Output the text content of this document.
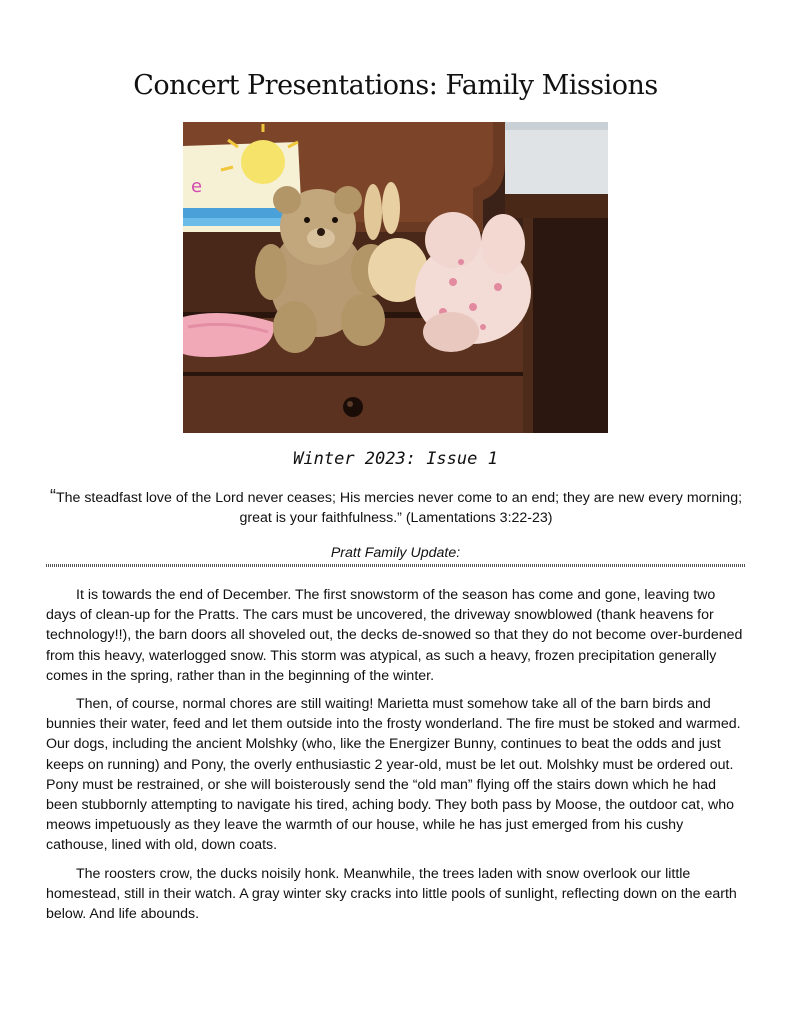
Concert Presentations: Family Missions
e
Winter 2023: Issue 1
“The steadfast love of the Lord never ceases; His mercies never come to an end; they are new every morning; great is your faithfulness.” (Lamentations 3:22-23)
Pratt Family Update:

It is towards the end of December. The first snowstorm of the season has come and gone, leaving two days of clean-up for the Pratts. The cars must be uncovered, the driveway snowblowed (thank heavens for technology!!), the barn doors all shoveled out, the decks de-snowed so that they do not become over-burdened from this heavy, waterlogged snow. This storm was atypical, as such a heavy, frozen precipitation generally comes in the spring, rather than in the beginning of the winter.

Then, of course, normal chores are still waiting! Marietta must somehow take all of the barn birds and bunnies their water, feed and let them outside into the frosty wonderland. The fire must be stoked and warmed. Our dogs, including the ancient Molshky (who, like the Energizer Bunny, continues to beat the odds and just keeps on running) and Pony, the overly enthusiastic 2 year-old, must be let out. Molshky must be ordered out. Pony must be restrained, or she will boisterously send the “old man” flying off the stairs down which he had been stubbornly attempting to navigate his tired, aching body. They both pass by Moose, the outdoor cat, who meows impetuously as they leave the warmth of our house, while he has just emerged from his cushy cathouse, lined with old, down coats.

The roosters crow, the ducks noisily honk. Meanwhile, the trees laden with snow overlook our little homestead, still in their watch. A gray winter sky cracks into little pools of sunlight, reflecting down on the earth below. And life abounds.
